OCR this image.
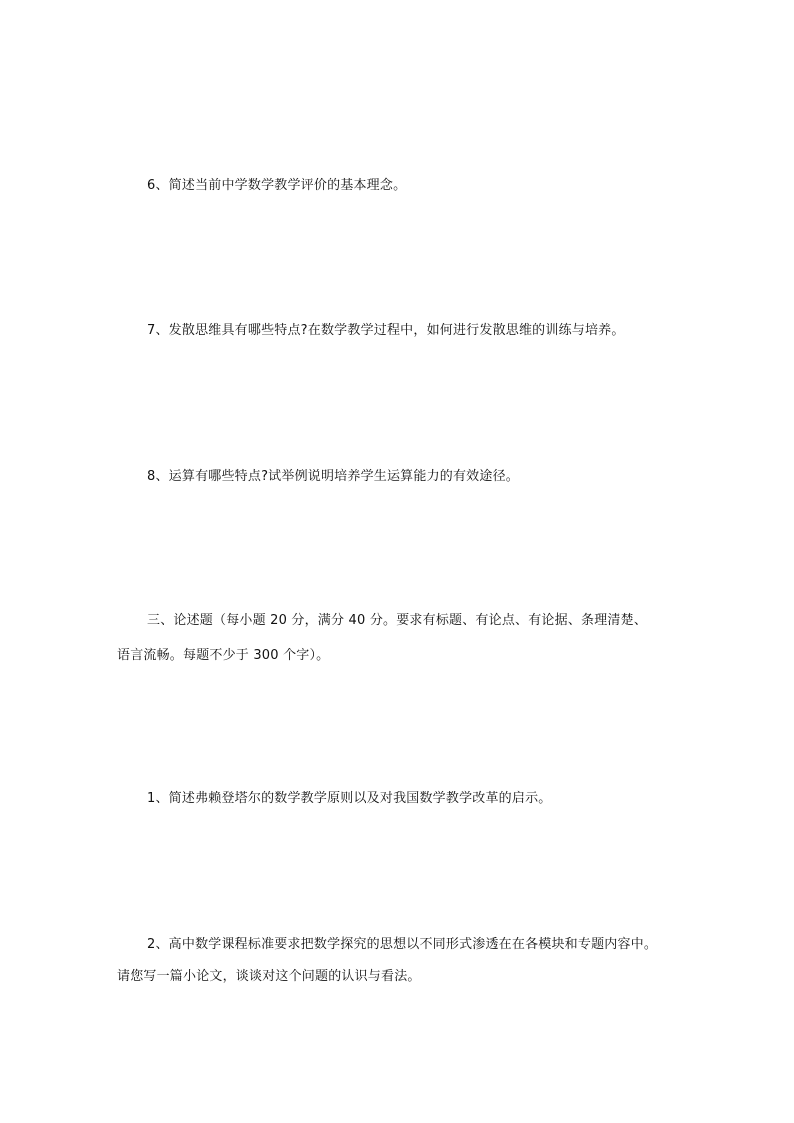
6、简述当前中学数学教学评价的基本理念。
7、发散思维具有哪些特点?在数学教学过程中，如何进行发散思维的训练与培养。
8、运算有哪些特点?试举例说明培养学生运算能力的有效途径。
三、论述题（每小题 20 分，满分 40 分。要求有标题、有论点、有论据、条理清楚、
语言流畅。每题不少于 300 个字）。
1、简述弗赖登塔尔的数学教学原则以及对我国数学教学改革的启示。
2、高中数学课程标准要求把数学探究的思想以不同形式渗透在在各模块和专题内容中。
请您写一篇小论文，谈谈对这个问题的认识与看法。
